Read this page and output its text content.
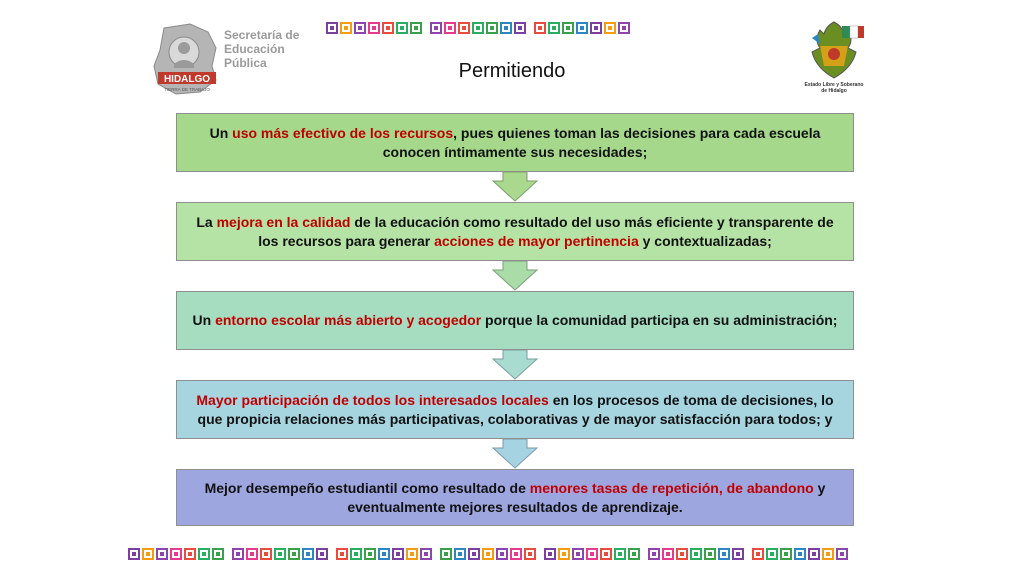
HIDALGO
TIERRA DE TRABAJO
Secretaría de
Educación
Pública	Permitiendo
Estado Libre y Soberano
de Hidalgo
Un uso más efectivo de los recursos, pues quienes toman las decisiones para cada escuela conocen íntimamente sus necesidades;
La mejora en la calidad de la educación como resultado del uso más eficiente y transparente de los recursos para generar acciones de mayor pertinencia y contextualizadas;
Un entorno escolar más abierto y acogedor porque la comunidad participa en su administración;
Mayor participación de todos los interesados locales en los procesos de toma de decisiones, lo que propicia relaciones más participativas, colaborativas y de mayor satisfacción para todos; y
Mejor desempeño estudiantil como resultado de menores tasas de repetición, de abandono y eventualmente mejores resultados de aprendizaje.
